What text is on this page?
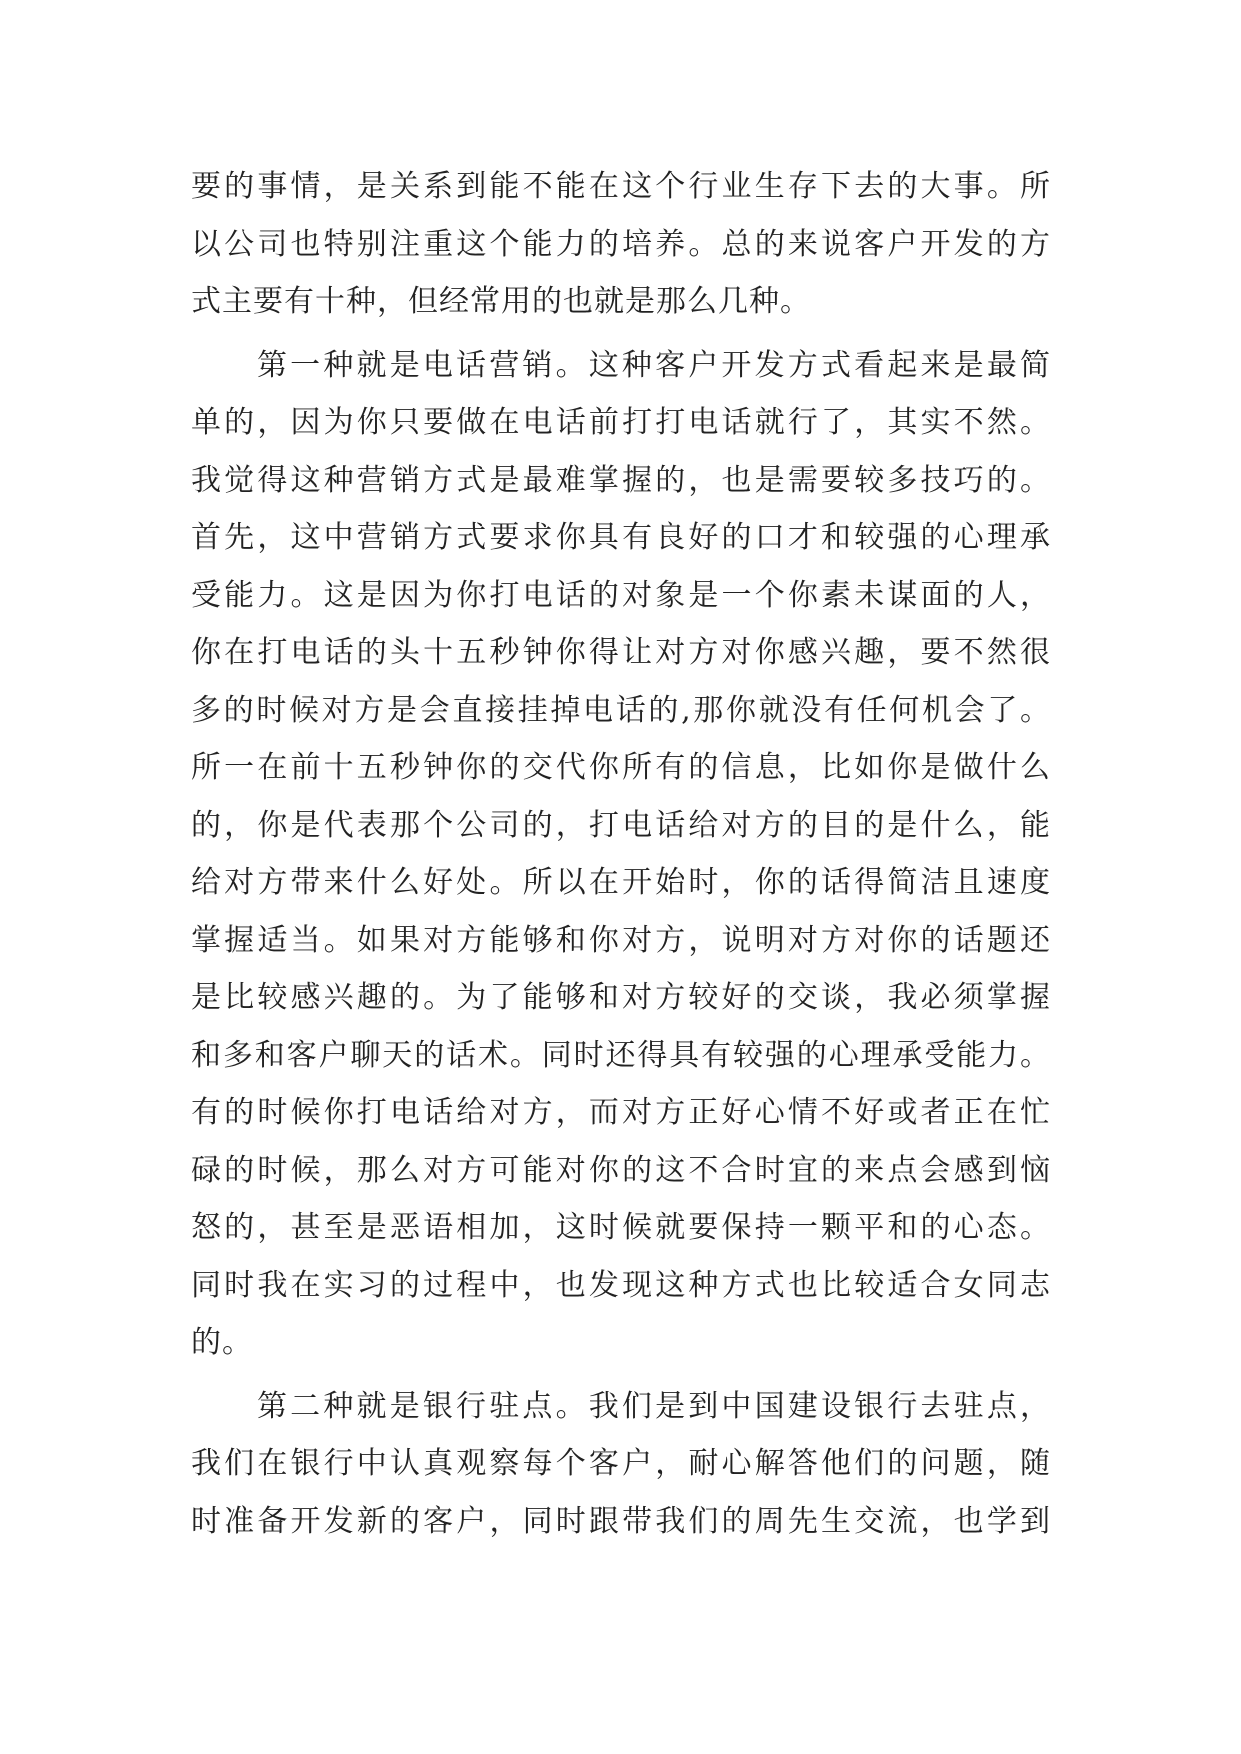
要的事情，是关系到能不能在这个行业生存下去的大事。所
以公司也特别注重这个能力的培养。总的来说客户开发的方
式主要有十种，但经常用的也就是那么几种。
第一种就是电话营销。这种客户开发方式看起来是最简
单的，因为你只要做在电话前打打电话就行了，其实不然。
我觉得这种营销方式是最难掌握的，也是需要较多技巧的。
首先，这中营销方式要求你具有良好的口才和较强的心理承
受能力。这是因为你打电话的对象是一个你素未谋面的人，
你在打电话的头十五秒钟你得让对方对你感兴趣，要不然很
多的时候对方是会直接挂掉电话的,那你就没有任何机会了。
所一在前十五秒钟你的交代你所有的信息，比如你是做什么
的，你是代表那个公司的，打电话给对方的目的是什么，能
给对方带来什么好处。所以在开始时，你的话得简洁且速度
掌握适当。如果对方能够和你对方，说明对方对你的话题还
是比较感兴趣的。为了能够和对方较好的交谈，我必须掌握
和多和客户聊天的话术。同时还得具有较强的心理承受能力。
有的时候你打电话给对方，而对方正好心情不好或者正在忙
碌的时候，那么对方可能对你的这不合时宜的来点会感到恼
怒的，甚至是恶语相加，这时候就要保持一颗平和的心态。
同时我在实习的过程中，也发现这种方式也比较适合女同志
的。
第二种就是银行驻点。我们是到中国建设银行去驻点，
我们在银行中认真观察每个客户，耐心解答他们的问题，随
时准备开发新的客户，同时跟带我们的周先生交流，也学到
